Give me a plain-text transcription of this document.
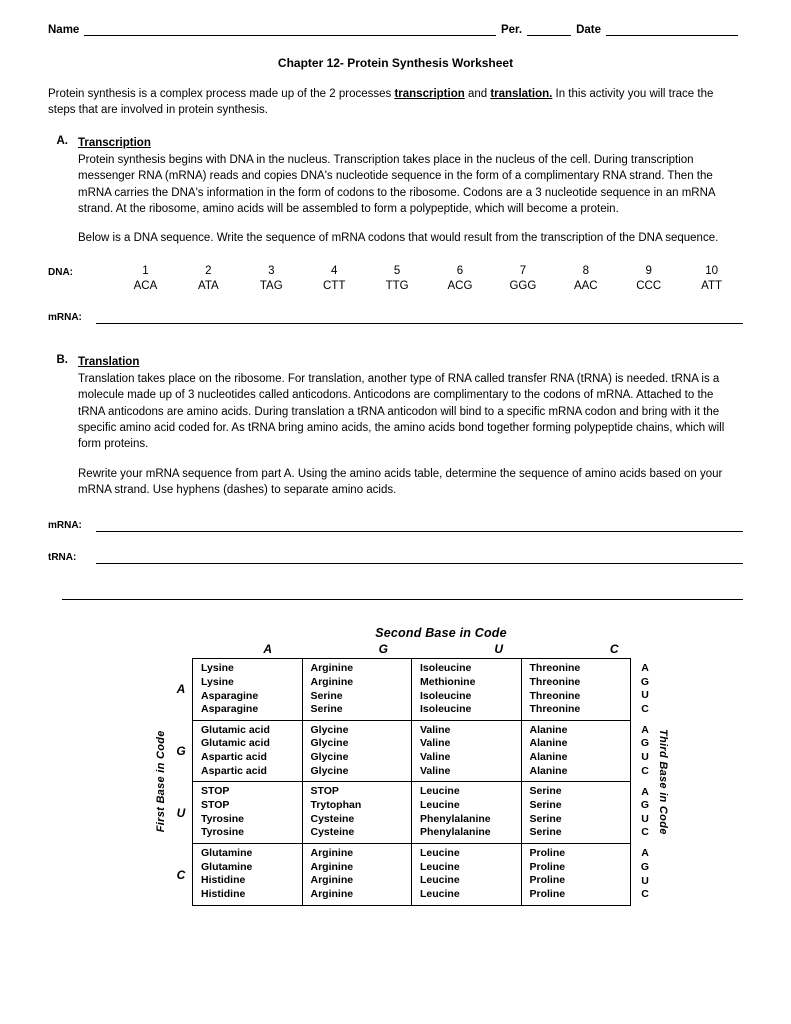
Name	Per.	Date
Chapter 12- Protein Synthesis Worksheet
Protein synthesis is a complex process made up of the 2 processes transcription and translation. In this activity you will trace the steps that are involved in protein synthesis.
A. Transcription
Protein synthesis begins with DNA in the nucleus. Transcription takes place in the nucleus of the cell. During transcription messenger RNA (mRNA) reads and copies DNA's nucleotide sequence in the form of a complimentary RNA strand. Then the mRNA carries the DNA's information in the form of codons to the ribosome. Codons are a 3 nucleotide sequence in an mRNA strand. At the ribosome, amino acids will be assembled to form a polypeptide, which will become a protein.
Below is a DNA sequence. Write the sequence of mRNA codons that would result from the transcription of the DNA sequence.
DNA:	1
ACA
2
ATA
3
TAG
4
CTT
5
TTG
6
ACG
7
GGG
8
AAC
9
CCC
10
ATT
mRNA:
B. Translation
Translation takes place on the ribosome. For translation, another type of RNA called transfer RNA (tRNA) is needed. tRNA is a molecule made up of 3 nucleotides called anticodons. Anticodons are complimentary to the codons of mRNA. Attached to the tRNA anticodons are amino acids. During translation a tRNA anticodon will bind to a specific mRNA codon and bring with it the specific amino acid coded for. As tRNA bring amino acids, the amino acids bond together forming polypeptide chains, which will form proteins.
Rewrite your mRNA sequence from part A. Using the amino acids table, determine the sequence of amino acids based on your mRNA strand. Use hyphens (dashes) to separate amino acids.
mRNA:
tRNA:
Second Base in Code
A	G	U	C
First Base in Code
A
G
U
C
Lysine
Lysine
Asparagine
Asparagine
Arginine
Arginine
Serine
Serine
Isoleucine
Methionine
Isoleucine
Isoleucine
Threonine
Threonine
Threonine
Threonine
Glutamic acid
Glutamic acid
Aspartic acid
Aspartic acid
Glycine
Glycine
Glycine
Glycine
Valine
Valine
Valine
Valine
Alanine
Alanine
Alanine
Alanine
STOP
STOP
Tyrosine
Tyrosine
STOP
Trytophan
Cysteine
Cysteine
Leucine
Leucine
Phenylalanine
Phenylalanine
Serine
Serine
Serine
Serine
Glutamine
Glutamine
Histidine
Histidine
Arginine
Arginine
Arginine
Arginine
Leucine
Leucine
Leucine
Leucine
Proline
Proline
Proline
Proline
A
G
U
C
A
G
U
C
A
G
U
C
A
G
U
C
Third Base in Code
